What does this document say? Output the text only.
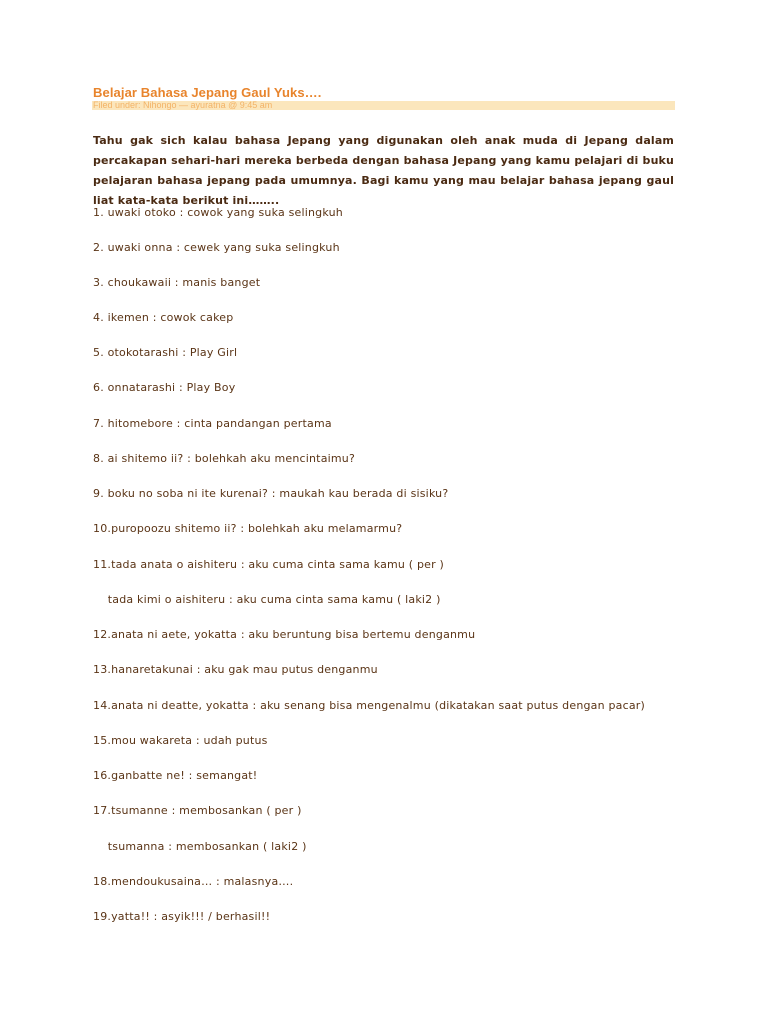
Belajar Bahasa Jepang Gaul Yuks….
Filed under: Nihongo — ayuratna @ 9:45 am

Tahu gak sich kalau bahasa Jepang yang digunakan oleh anak muda di Jepang dalam percakapan sehari-hari mereka berbeda dengan bahasa Jepang yang kamu pelajari di buku pelajaran bahasa jepang pada umumnya. Bagi kamu yang mau belajar bahasa jepang gaul liat kata-kata berikut ini……..

1. uwaki otoko : cowok yang suka selingkuh
2. uwaki onna : cewek yang suka selingkuh
3. choukawaii : manis banget
4. ikemen : cowok cakep
5. otokotarashi : Play Girl
6. onnatarashi : Play Boy
7. hitomebore : cinta pandangan pertama
8. ai shitemo ii? : bolehkah aku mencintaimu?
9. boku no soba ni ite kurenai? : maukah kau berada di sisiku?
10.puropoozu shitemo ii? : bolehkah aku melamarmu?
11.tada anata o aishiteru : aku cuma cinta sama kamu ( per )
tada kimi o aishiteru : aku cuma cinta sama kamu ( laki2 )
12.anata ni aete, yokatta : aku beruntung bisa bertemu denganmu
13.hanaretakunai : aku gak mau putus denganmu
14.anata ni deatte, yokatta : aku senang bisa mengenalmu (dikatakan saat putus dengan pacar)
15.mou wakareta : udah putus
16.ganbatte ne! : semangat!
17.tsumanne : membosankan ( per )
tsumanna : membosankan ( laki2 )
18.mendoukusaina… : malasnya….
19.yatta!! : asyik!!! / berhasil!!
